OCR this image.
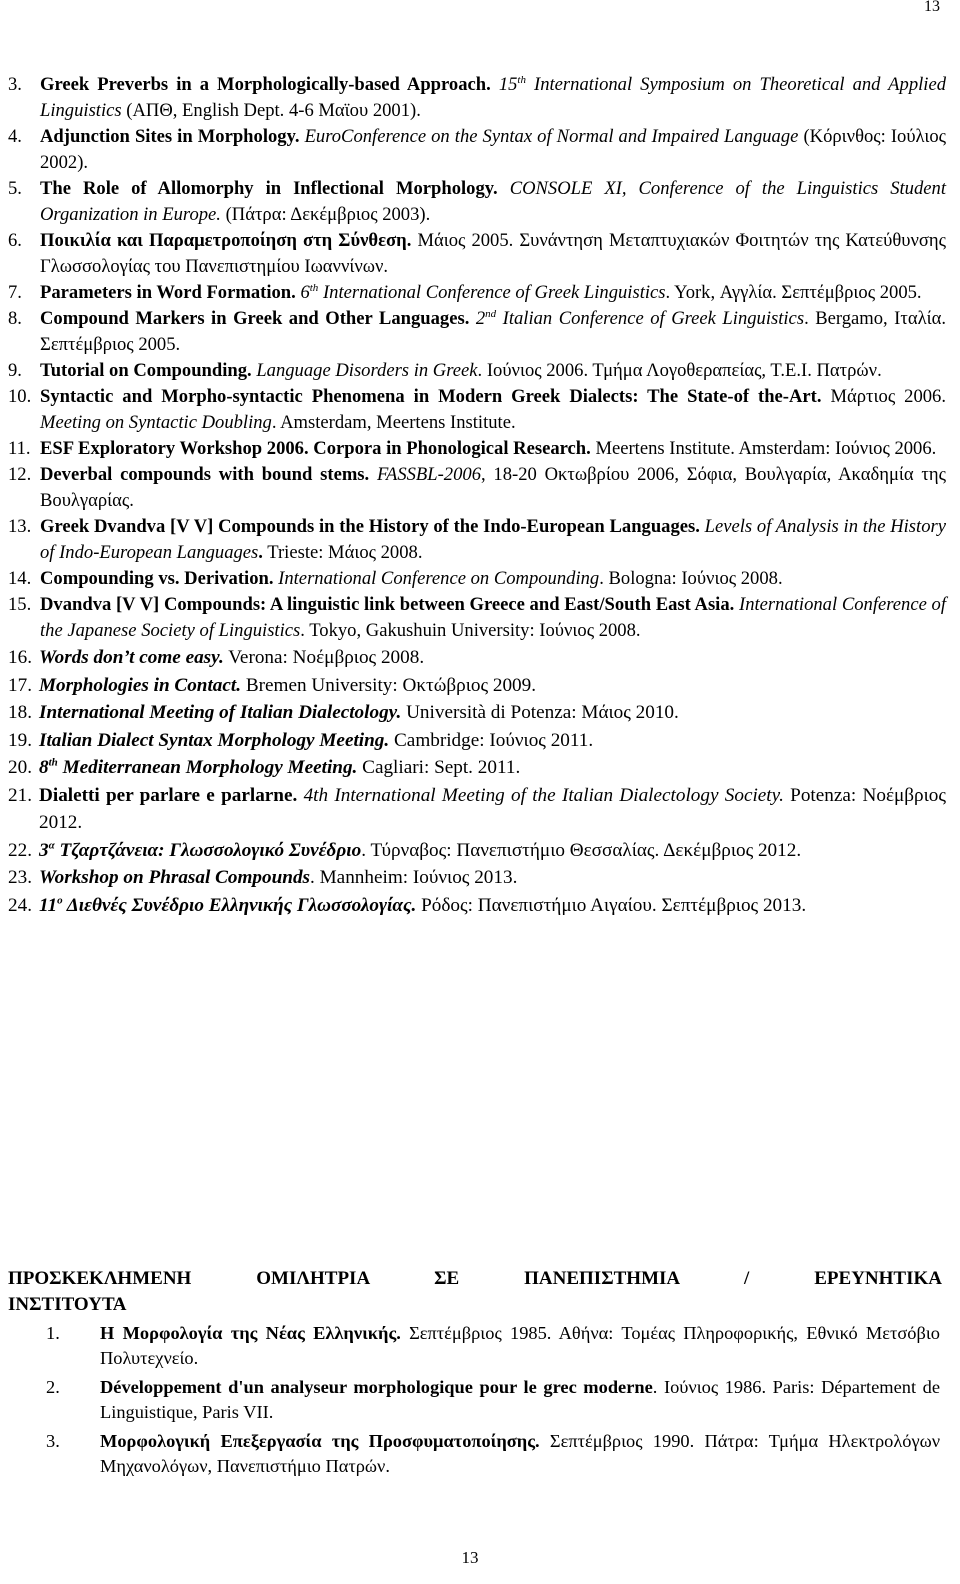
13
3. Greek Preverbs in a Morphologically-based Approach. 15th International Symposium on Theoretical and Applied Linguistics (ΑΠΘ, English Dept. 4-6 Μαϊου 2001).
4. Adjunction Sites in Morphology. EuroConference on the Syntax of Normal and Impaired Language (Κόρινθος: Ιούλιος 2002).
5. The Role of Allomorphy in Inflectional Morphology. CONSOLE XI, Conference of the Linguistics Student Organization in Europe. (Πάτρα: Δεκέμβριος 2003).
6. Ποικιλία και Παραμετροποίηση στη Σύνθεση. Μάιος 2005. Συνάντηση Μεταπτυχιακών Φοιτητών της Κατεύθυνσης Γλωσσολογίας του Πανεπιστημίου Ιωαννίνων.
7. Parameters in Word Formation. 6th International Conference of Greek Linguistics. York, Αγγλία. Σεπτέμβριος 2005.
8. Compound Markers in Greek and Other Languages. 2nd Italian Conference of Greek Linguistics. Bergamo, Ιταλία. Σεπτέμβριος 2005.
9. Tutorial on Compounding. Language Disorders in Greek. Ιούνιος 2006. Τμήμα Λογοθεραπείας, Τ.Ε.Ι. Πατρών.
10. Syntactic and Morpho-syntactic Phenomena in Modern Greek Dialects: The State-of the-Art. Μάρτιος 2006. Meeting on Syntactic Doubling. Amsterdam, Meertens Institute.
11. ESF Exploratory Workshop 2006. Corpora in Phonological Research. Meertens Institute. Amsterdam: Ιούνιος 2006.
12. Deverbal compounds with bound stems. FASSBL-2006, 18-20 Οκτωβρίου 2006, Σόφια, Βουλγαρία, Ακαδημία της Βουλγαρίας.
13. Greek Dvandva [V V] Compounds in the History of the Indo-European Languages. Levels of Analysis in the History of Indo-European Languages. Trieste: Μάιος 2008.
14. Compounding vs. Derivation. International Conference on Compounding. Bologna: Ιούνιος 2008.
15. Dvandva [V V] Compounds: A linguistic link between Greece and East/South East Asia. International Conference of the Japanese Society of Linguistics. Tokyo, Gakushuin University: Ιούνιος 2008.
16. Words don’t come easy. Verona: Νοέμβριος 2008.
17. Morphologies in Contact. Bremen University: Οκτώβριος 2009.
18. International Meeting of Italian Dialectology. Università di Potenza: Μάιος 2010.
19. Italian Dialect Syntax Morphology Meeting. Cambridge: Ιούνιος 2011.
20. 8th Mediterranean Morphology Meeting. Cagliari: Sept. 2011.
21. Dialetti per parlare e parlarne. 4th International Meeting of the Italian Dialectology Society. Potenza: Νοέμβριος 2012.
22. $3^\alpha$ Τζαρτζάνεια: Γλωσσολογικό Συνέδριο. Τύρναβος: Πανεπιστήμιο Θεσσαλίας. Δεκέμβριος 2012.
23. Workshop on Phrasal Compounds. Mannheim: Ιούνιος 2013.
24. $11^o$ Διεθνές Συνέδριο Ελληνικής Γλωσσολογίας. Ρόδος: Πανεπιστήμιο Αιγαίου. Σεπτέμβριος 2013.
ΠΡΟΣΚΕΚΛΗΜΕΝΗ ΟΜΙΛΗΤΡΙΑ ΣΕ ΠΑΝΕΠΙΣΤΗΜΙΑ / ΕΡΕΥΝΗΤΙΚΑ
ΙΝΣΤΙΤΟΥΤΑ
1. Η Μορφολογία της Νέας Ελληνικής. Σεπτέμβριος 1985. Αθήνα: Τομέας Πληροφορικής, Εθνικό Μετσόβιο Πολυτεχνείο.
2. Développement d'un analyseur morphologique pour le grec moderne. Ιούνιος 1986. Paris: Département de Linguistique, Paris VII.
3. Μορφολογική Επεξεργασία της Προσφυματοποίησης. Σεπτέμβριος 1990. Πάτρα: Τμήμα Ηλεκτρολόγων Μηχανολόγων, Πανεπιστήμιο Πατρών.
13
